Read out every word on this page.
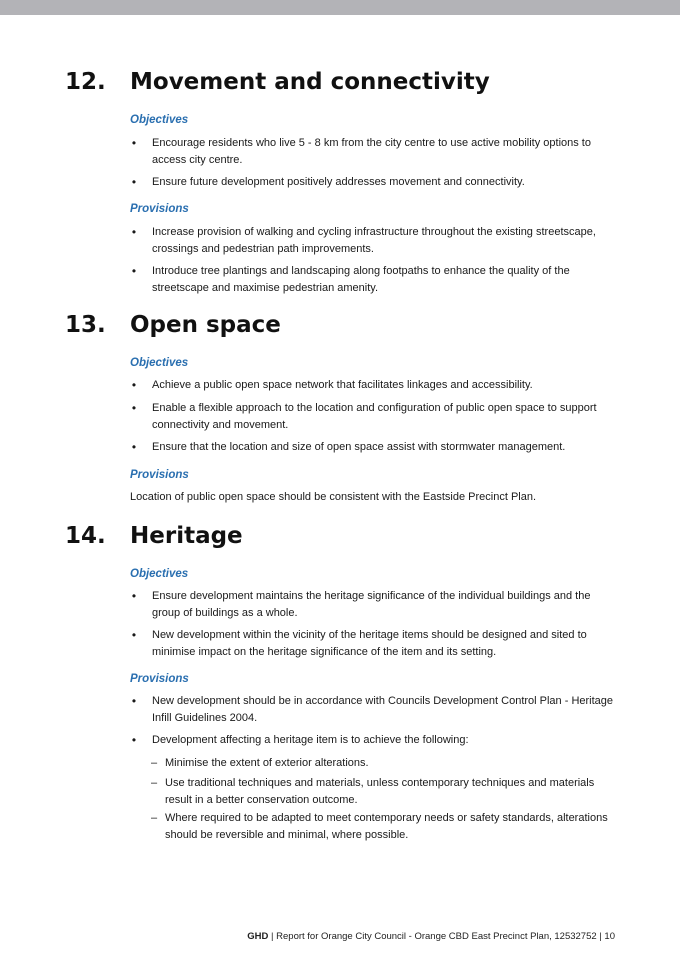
12. Movement and connectivity
Objectives
• Encourage residents who live 5 - 8 km from the city centre to use active mobility options to access city centre.
• Ensure future development positively addresses movement and connectivity.
Provisions
• Increase provision of walking and cycling infrastructure throughout the existing streetscape, crossings and pedestrian path improvements.
• Introduce tree plantings and landscaping along footpaths to enhance the quality of the streetscape and maximise pedestrian amenity.
13. Open space
Objectives
• Achieve a public open space network that facilitates linkages and accessibility.
• Enable a flexible approach to the location and configuration of public open space to support connectivity and movement.
• Ensure that the location and size of open space assist with stormwater management.
Provisions
Location of public open space should be consistent with the Eastside Precinct Plan.
14. Heritage
Objectives
• Ensure development maintains the heritage significance of the individual buildings and the group of buildings as a whole.
• New development within the vicinity of the heritage items should be designed and sited to minimise impact on the heritage significance of the item and its setting.
Provisions
• New development should be in accordance with Councils Development Control Plan - Heritage Infill Guidelines 2004.
• Development affecting a heritage item is to achieve the following:
– Minimise the extent of exterior alterations.
– Use traditional techniques and materials, unless contemporary techniques and materials result in a better conservation outcome.
– Where required to be adapted to meet contemporary needs or safety standards, alterations should be reversible and minimal, where possible.
GHD | Report for Orange City Council - Orange CBD East Precinct Plan, 12532752 | 10
